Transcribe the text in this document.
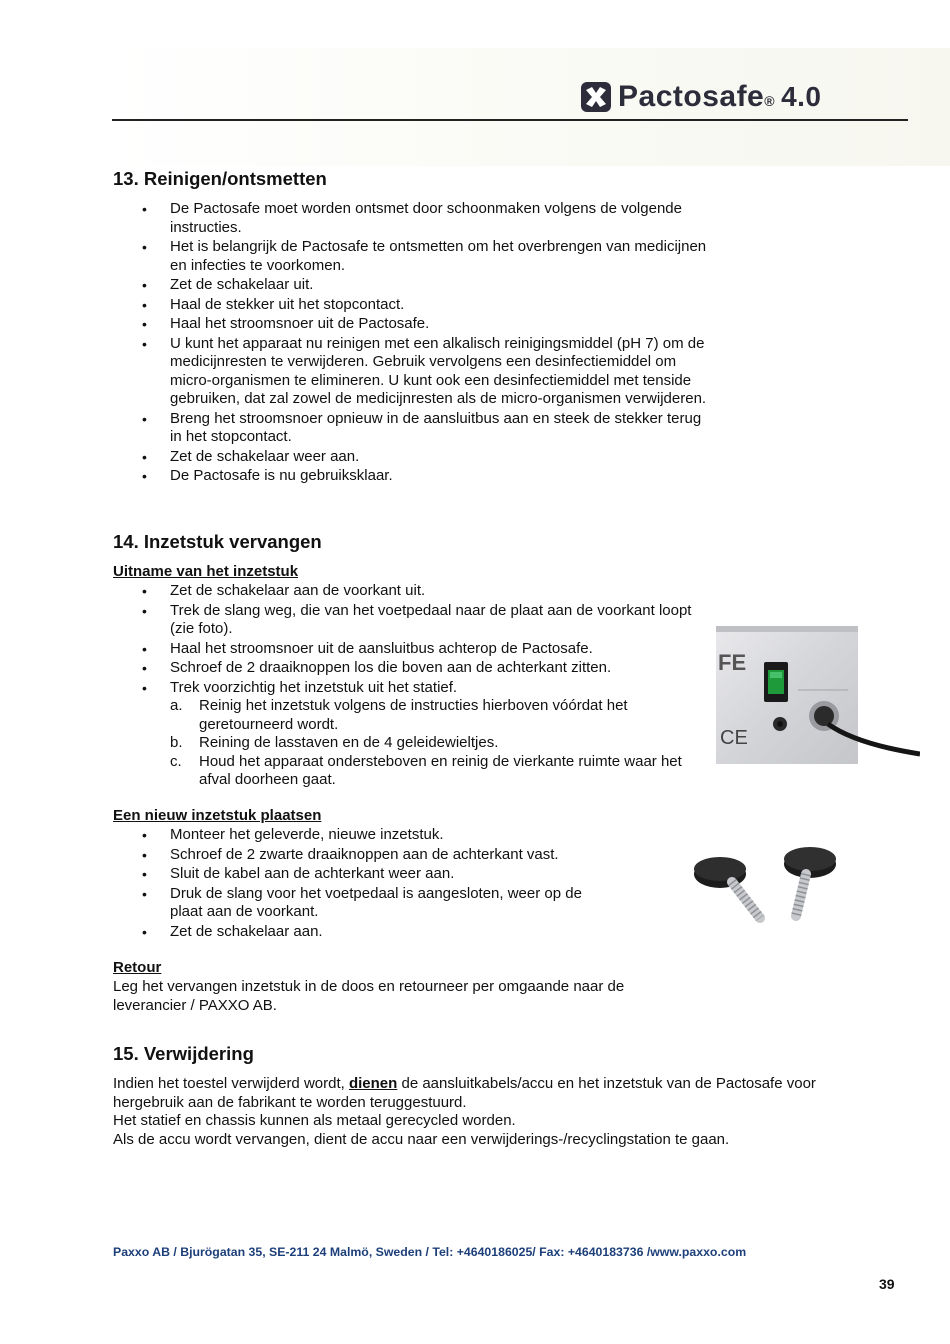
Pactosafe® 4.0
13. Reinigen/ontsmetten
• De Pactosafe moet worden ontsmet door schoonmaken volgens de volgende instructies.
• Het is belangrijk de Pactosafe te ontsmetten om het overbrengen van medicijnen en infecties te voorkomen.
• Zet de schakelaar uit.
• Haal de stekker uit het stopcontact.
• Haal het stroomsnoer uit de Pactosafe.
• U kunt het apparaat nu reinigen met een alkalisch reinigingsmiddel (pH 7) om de medicijnresten te verwijderen. Gebruik vervolgens een desinfectiemiddel om micro-organismen te elimineren. U kunt ook een desinfectiemiddel met tenside gebruiken, dat zal zowel de medicijnresten als de micro-organismen verwijderen.
• Breng het stroomsnoer opnieuw in de aansluitbus aan en steek de stekker terug in het stopcontact.
• Zet de schakelaar weer aan.
• De Pactosafe is nu gebruiksklaar.
14. Inzetstuk vervangen

Uitname van het inzetstuk

• Zet de schakelaar aan de voorkant uit.
• Trek de slang weg, die van het voetpedaal naar de plaat aan de voorkant loopt (zie foto).
• Haal het stroomsnoer uit de aansluitbus achterop de Pactosafe.
• Schroef de 2 draaiknoppen los die boven aan de achterkant zitten.
• Trek voorzichtig het inzetstuk uit het statief.
a. Reinig het inzetstuk volgens de instructies hierboven vóórdat het geretourneerd wordt.
b. Reining de lasstaven en de 4 geleidewieltjes.
c. Houd het apparaat ondersteboven en reinig de vierkante ruimte waar het afval doorheen gaat.
FE
CE

Een nieuw inzetstuk plaatsen

• Monteer het geleverde, nieuwe inzetstuk.
• Schroef de 2 zwarte draaiknoppen aan de achterkant vast.
• Sluit de kabel aan de achterkant weer aan.
• Druk de slang voor het voetpedaal is aangesloten, weer op de plaat aan de voorkant.
• Zet de schakelaar aan.

Retour

Leg het vervangen inzetstuk in de doos en retourneer per omgaande naar de leverancier / PAXXO AB.

15. Verwijdering

Indien het toestel verwijderd wordt, dienen de aansluitkabels/accu en het inzetstuk van de Pactosafe voor hergebruik aan de fabrikant te worden teruggestuurd.
Het statief en chassis kunnen als metaal gerecycled worden.
Als de accu wordt vervangen, dient de accu naar een verwijderings-/recyclingstation te gaan.

Paxxo AB / Bjurögatan 35, SE-211 24 Malmö, Sweden / Tel: +4640186025/ Fax: +4640183736 /www.paxxo.com
39
